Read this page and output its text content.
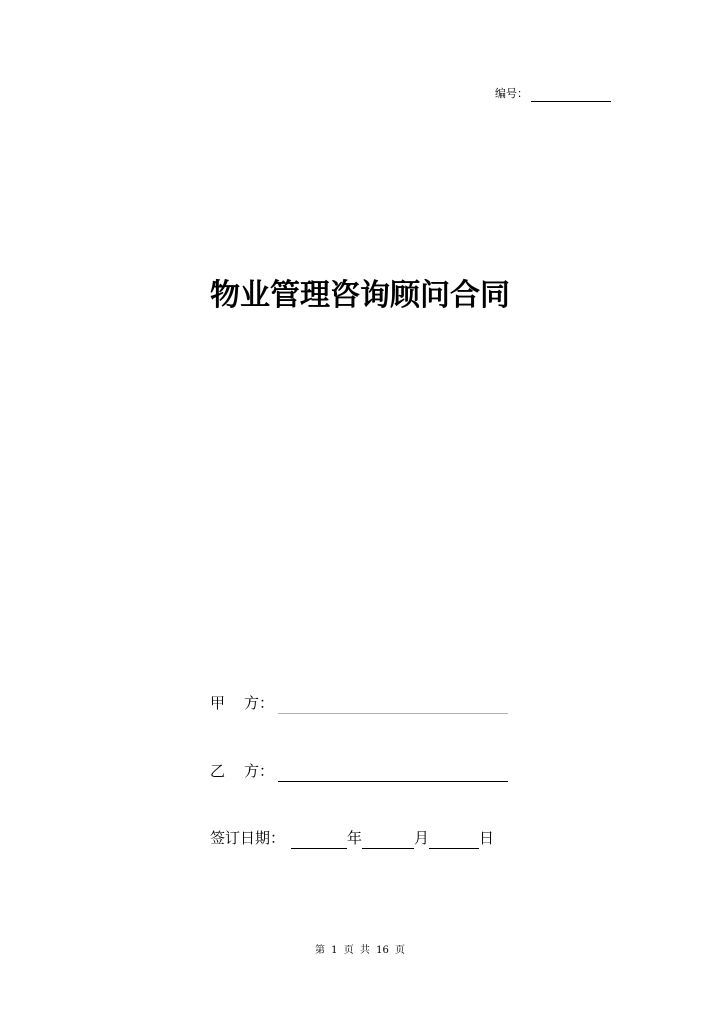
编号：
物业管理咨询顾问合同
甲 方：
乙 方：
签订日期：	年	月	日
第 1 页 共 16 页
